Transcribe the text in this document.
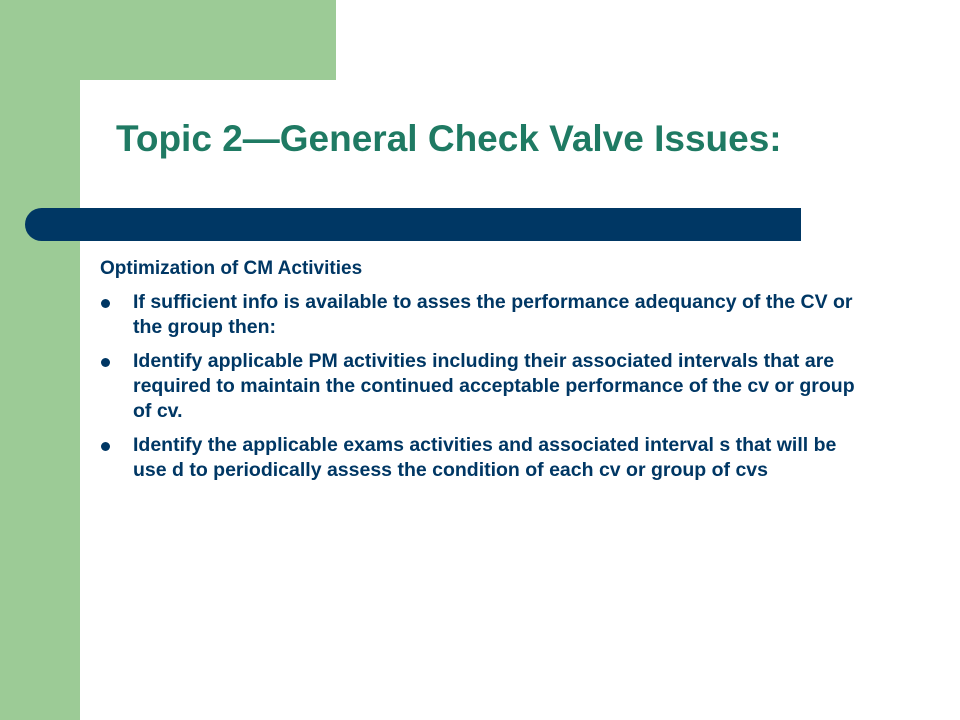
Topic 2—General Check Valve Issues:

Optimization of CM Activities

If sufficient info is available to asses the performance adequancy of the CV or the group then:
Identify applicable PM activities including their associated intervals that are required to maintain the continued acceptable performance of the cv or group of cv.
Identify the applicable exams activities and associated interval s that will be use d to periodically assess the condition of each cv or group of cvs
